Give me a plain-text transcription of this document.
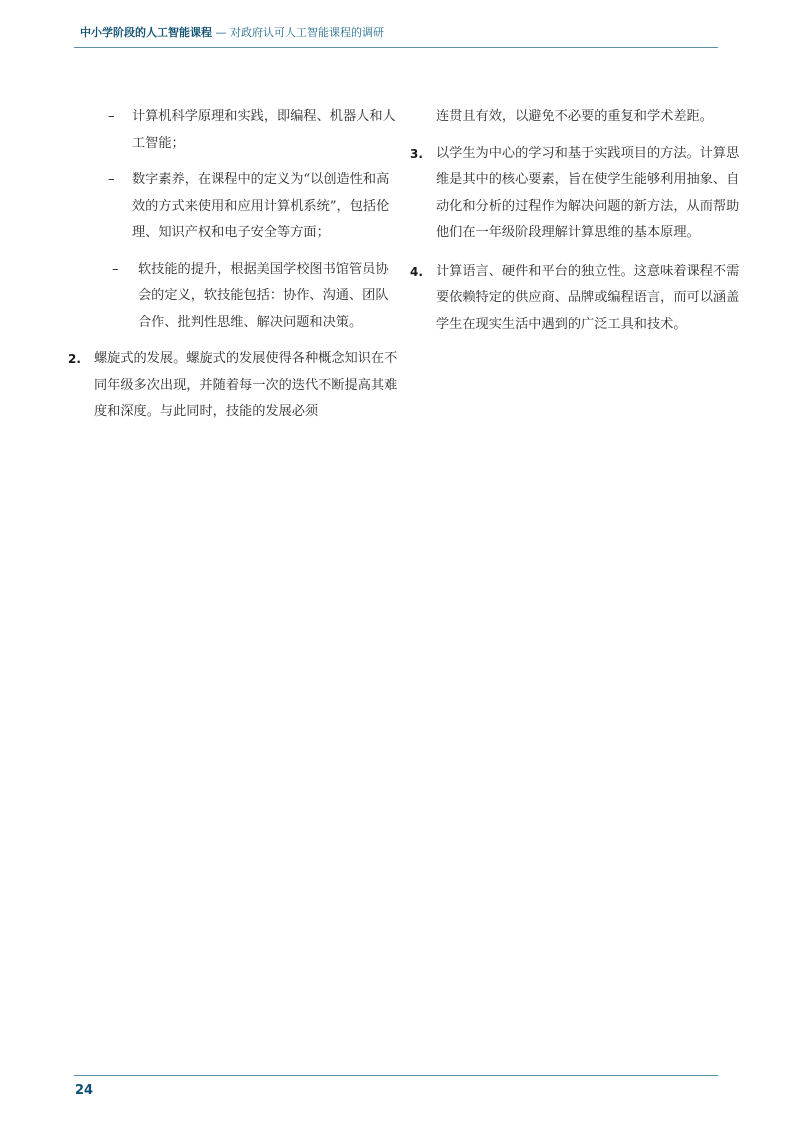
中小学阶段的人工智能课程 — 对政府认可人工智能课程的调研
– 计算机科学原理和实践，即编程、机器人和人工智能；
– 数字素养，在课程中的定义为“以创造性和高效的方式来使用和应用计算机系统”，包括伦理、知识产权和电子安全等方面；
– 软技能的提升，根据美国学校图书馆管员协会的定义，软技能包括：协作、沟通、团队合作、批判性思维、解决问题和决策。
2. 螺旋式的发展。螺旋式的发展使得各种概念知识在不同年级多次出现，并随着每一次的迭代不断提高其难度和深度。与此同时，技能的发展必须
连贯且有效，以避免不必要的重复和学术差距。
3. 以学生为中心的学习和基于实践项目的方法。计算思维是其中的核心要素，旨在使学生能够利用抽象、自动化和分析的过程作为解决问题的新方法，从而帮助他们在一年级阶段理解计算思维的基本原理。
4. 计算语言、硬件和平台的独立性。这意味着课程不需要依赖特定的供应商、品牌或编程语言，而可以涵盖学生在现实生活中遇到的广泛工具和技术。
24
